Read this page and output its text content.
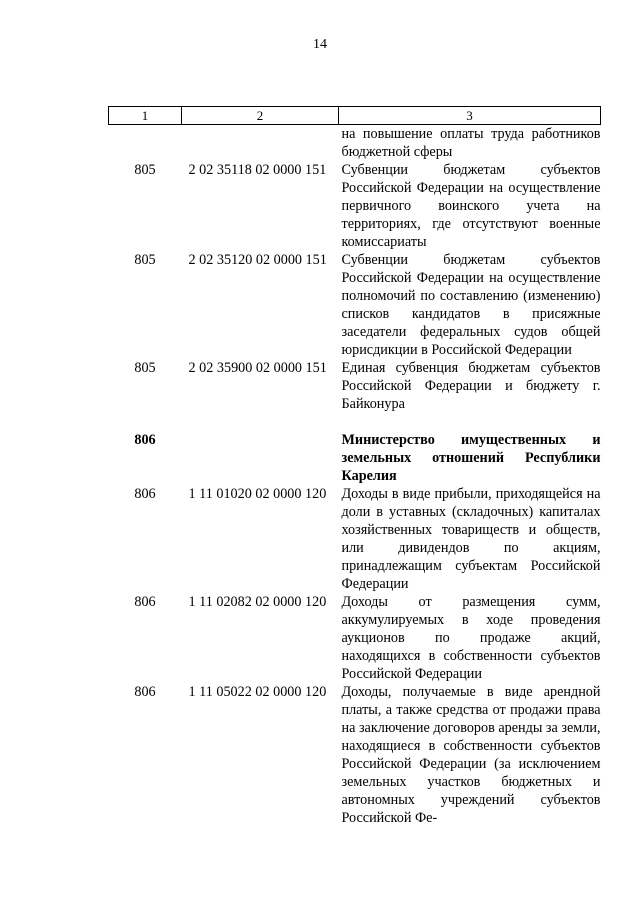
14
1	2	3
		на повышение оплаты труда работников бюджетной сферы
805	2 02 35118 02 0000 151	Субвенции бюджетам субъектов Российской Федерации на осуществление первичного воинского учета на территориях, где отсутствуют военные комиссариаты
805	2 02 35120 02 0000 151	Субвенции бюджетам субъектов Российской Федерации на осуществление полномочий по составлению (изменению) списков кандидатов в присяжные заседатели федеральных судов общей юрисдикции в Российской Федерации
805	2 02 35900 02 0000 151	Единая субвенция бюджетам субъектов Российской Федерации и бюджету г. Байконура
806		Министерство имущественных и земельных отношений Республики Карелия
806	1 11 01020 02 0000 120	Доходы в виде прибыли, приходящейся на доли в уставных (складочных) капиталах хозяйственных товариществ и обществ, или дивидендов по акциям, принадлежащим субъектам Российской Федерации
806	1 11 02082 02 0000 120	Доходы от размещения сумм, аккумулируемых в ходе проведения аукционов по продаже акций, находящихся в собственности субъектов Российской Федерации
806	1 11 05022 02 0000 120	Доходы, получаемые в виде арендной платы, а также средства от продажи права на заключение договоров аренды за земли, находящиеся в собственности субъектов Российской Федерации (за исключением земельных участков бюджетных и автономных учреждений субъектов Российской Фе-
